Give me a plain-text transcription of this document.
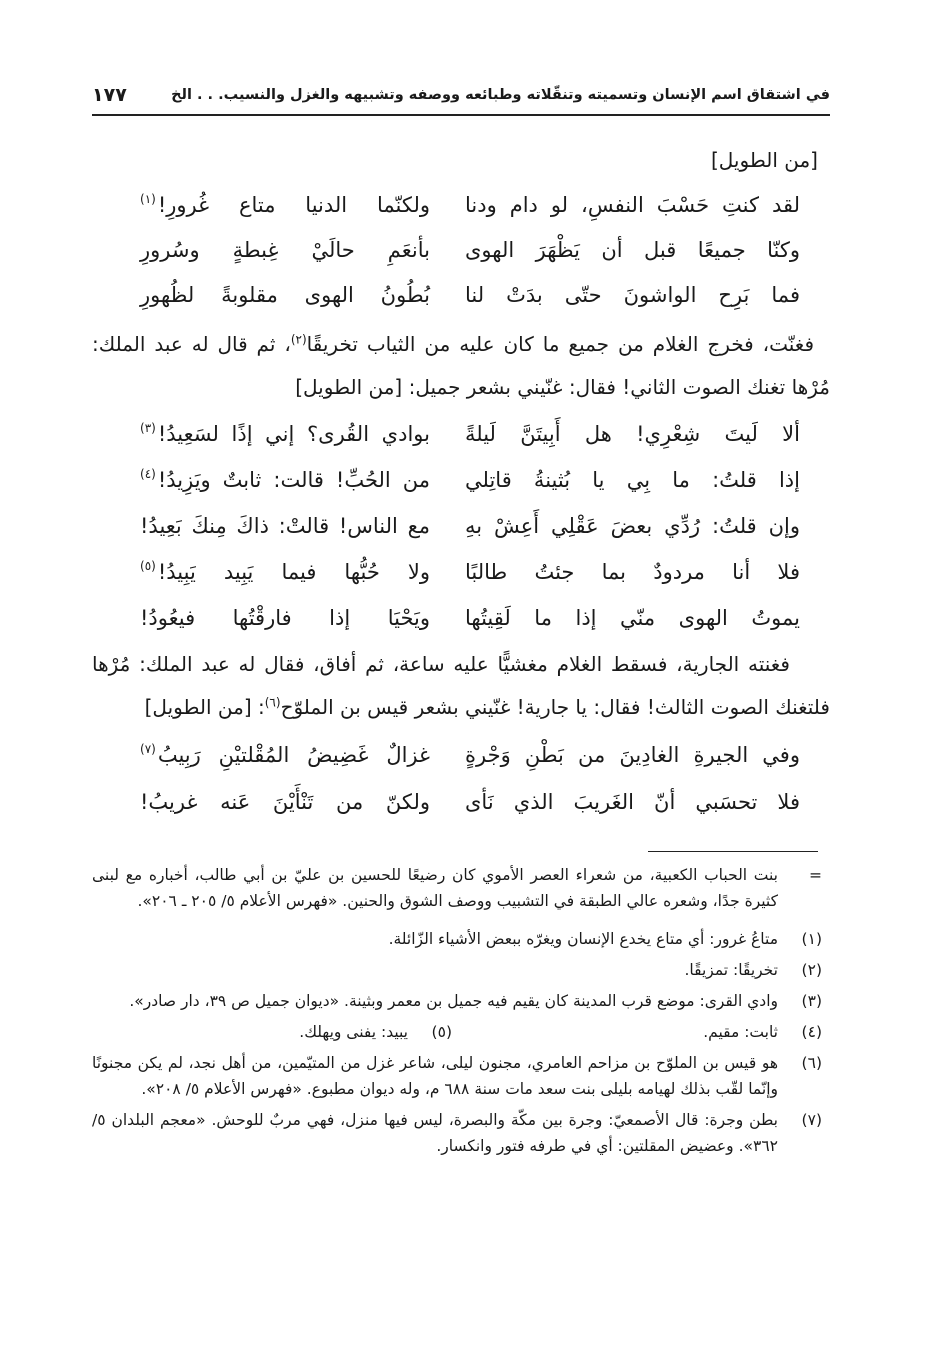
في اشتقاق اسم الإنسان وتسميته وتنقّلاته وطبائعه ووصفه وتشبيهه والغزل والنسيب. . . الخ
١٧٧
[من الطويل]
لقد كنتِ حَسْبَ النفسِ، لو دام ودنا
ولكنّما الدنيا متاع غُرورِ!
(١)
وكنّا جميعًا قبل أن يَظْهَرَ الهوى
بأنعَمِ حالَيْ غِبطةٍ وسُرورِ
فما بَرِح الواشونَ حتّى بدَتْ لنا
بُطُونُ الهوى مقلوبةً لظُهورِ

فغنّت، فخرج الغلام من جميع ما كان عليه من الثياب تخريقًا$^{(٢)}$، ثم قال له عبد الملك: مُرْها تغنك الصوت الثاني! فقال: غنّيني بشعر جميل: [من الطويل]

ألا لَيتَ شِعْرِي! هل أَبِيتَنَّ لَيلةً
بوادي القُرى؟ إني إذًا لسَعِيدُ!
(٣)
إذا قلتُ: ما بِي يا بُثينةُ قاتِلي
من الحُبِّ! قالت: ثابتٌ ويَزِيدُ!
(٤)
وإن قلتُ: رُدِّي بعضَ عَقْلِي أَعِشْ بهِ
مع الناس! قالتْ: ذاكَ مِنكَ بَعِيدُ!
فلا أنا مردودٌ بما جئتُ طالبًا
ولا حُبُّها فيما يَبِيد يَبِيدُ!
(٥)
يموتُ الهوى منّي إذا ما لَقِيتُها
ويَحْيَا إذا فارقْتُها فيعُودُ!

فغنته الجارية، فسقط الغلام مغشيًّا عليه ساعة، ثم أفاق، فقال له عبد الملك: مُرْها فلتغنك الصوت الثالث! فقال: يا جارية! غنّيني بشعر قيس بن الملوّح$^{(٦)}$: [من الطويل]

وفي الجيرةِ الغادِينَ من بَطْنِ وَجْرةٍ
غزالٌ غَضِيضُ المُقْلتيْنِ رَبِيبُ
(٧)
فلا تحسَبي أنّ الغَريبَ الذي نَأى
ولكنّ من تَنْأَيْنَ عَنه غريبُ!
=
بنت الحباب الكعبية، من شعراء العصر الأموي كان رضيعًا للحسين بن عليّ بن أبي طالب، أخباره مع لبنى كثيرة جدًا، وشعره عالي الطبقة في التشبيب ووصف الشوق والحنين. «فهرس الأعلام ٥/ ٢٠٥ ـ ٢٠٦».
(١)
متاعُ غرور: أي متاع يخدع الإنسان ويغرّه ببعض الأشياء الزّائلة.
(٢)
تخريقًا: تمزيقًا.
(٣)
وادي القرى: موضع قرب المدينة كان يقيم فيه جميل بن معمر وبثينة. «ديوان جميل ص ٣٩، دار صادر».
(٤)
ثابت: مقيم.
(٥)
يبيد: يفنى ويهلك.
(٦)
هو قيس بن الملوّح بن مزاحم العامري، مجنون ليلى، شاعر غزل من المتيّمين، من أهل نجد، لم يكن مجنونًا وإنّما لقّب بذلك لهيامه بليلى بنت سعد مات سنة ٦٨٨ م، وله ديوان مطبوع. «فهرس الأعلام ٥/ ٢٠٨».
(٧)
بطن وجرة: قال الأصمعيّ: وجرة بين مكّة والبصرة، ليس فيها منزل، فهي مربٌ للوحش. «معجم البلدان ٥/ ٣٦٢». وعضيض المقلتين: أي في طرفه فتور وانكسار.
